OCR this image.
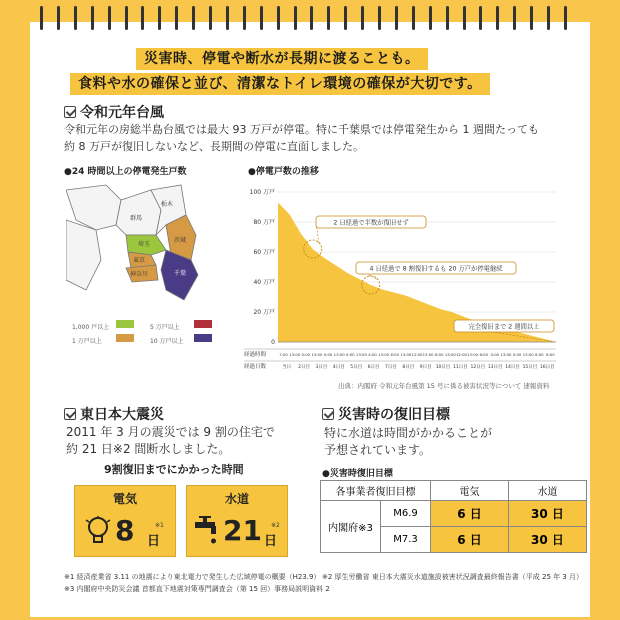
災害時、停電や断水が長期に渡ることも。
食料や水の確保と並び、清潔なトイレ環境の確保が大切です。
令和元年台風
令和元年の房総半島台風では最大 93 万戸が停電。特に千葉県では停電発生から 1 週間たっても
約 8 万戸が復旧しないなど、長期間の停電に直面しました。
●24 時間以上の停電発生戸数
群馬
栃木
茨城
埼玉
東京
神奈川	千葉
1,000 戸以上
1 万戸以上
5 万戸以上
10 万戸以上
●停電戸数の推移
100 万戸
80 万戸
60 万戸
40 万戸
20 万戸
0
経過時間
経過日数
7:00 13:00 0:00 13:00 0:00 13:00 0:00 13:00 4:00 13:00 6:00 13:00 12:00 13:00 6:00 13:00 12:00 13:00 6:00 0:00 13:00 0:00 13:00 6:00 8:00
当日 2日目 3日目 4日目 5日目 6日目 7日目 8日目 9日目 10日目 11日目 12日目 13日目 14日目 15日目 16日目
2 日経過で半数が復旧せず
4 日経過で 8 割復旧するも 20 万戸が停電継続
完全復旧まで 2 週間以上
出典：内閣府 令和元年台風第 15 号に係る被害状況等について 速報資料
東日本大震災
2011 年 3 月の震災では 9 割の住宅で
約 21 日※2 間断水しました。
9割復旧までにかかった時間
電気
8 日
※1
水道
21 日
※2
災害時の復旧目標
特に水道は時間がかかることが
予想されています。
●災害時復旧目標
各事業者復旧目標		電気	水道
内閣府※3	M6.9	6 日	30 日
	M7.3	6 日	30 日
※1 経済産業省 3.11 の地震により東北電力で発生した広域停電の概要（H23.9） ※2 厚生労働省 東日本大震災水道施設被害状況調査最終報告書（平成 25 年 3 月）
※3 内閣府中央防災会議 首都直下地震対策専門調査会（第 15 回）事務局説明資料 2
